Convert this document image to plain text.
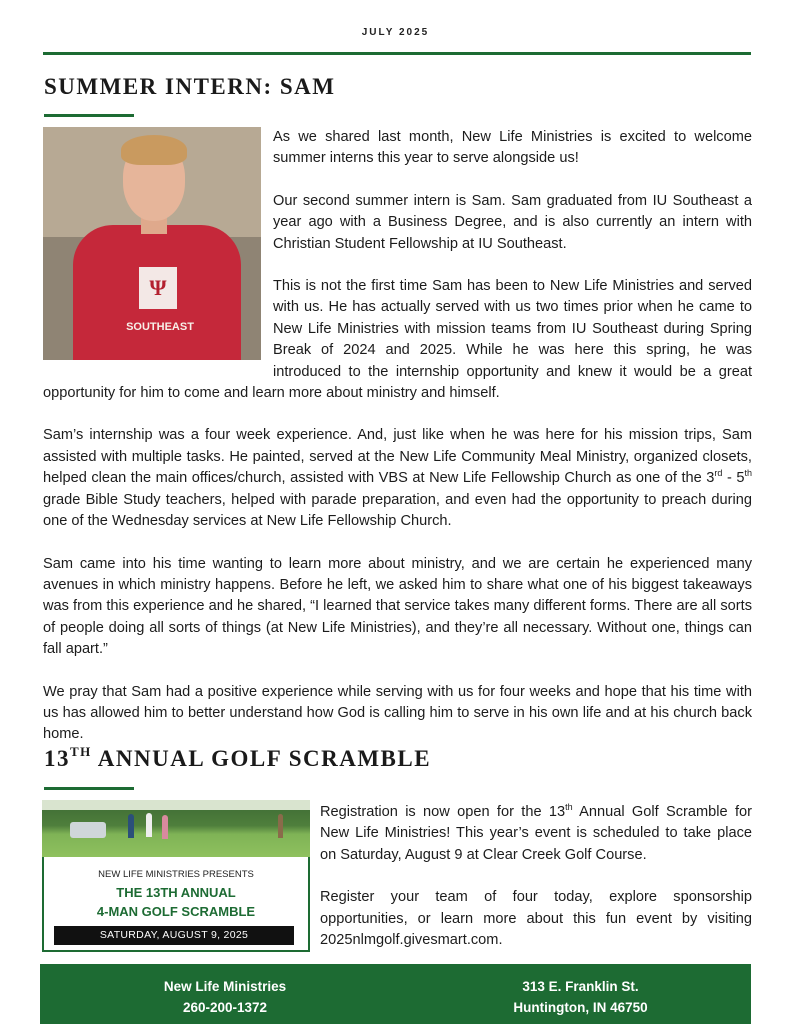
JULY 2025
SUMMER INTERN: SAM
Ψ
SOUTHEAST

As we shared last month, New Life Ministries is excited to welcome summer interns this year to serve alongside us!

Our second summer intern is Sam. Sam graduated from IU Southeast a year ago with a Business Degree, and is also currently an intern with Christian Student Fellowship at IU Southeast.

This is not the first time Sam has been to New Life Ministries and served with us. He has actually served with us two times prior when he came to New Life Ministries with mission teams from IU Southeast during Spring Break of 2024 and 2025. While he was here this spring, he was introduced to the internship opportunity and knew it would be a great opportunity for him to come and learn more about ministry and himself.

Sam’s internship was a four week experience. And, just like when he was here for his mission trips, Sam assisted with multiple tasks. He painted, served at the New Life Community Meal Ministry, organized closets, helped clean the main offices/church, assisted with VBS at New Life Fellowship Church as one of the 3rd - 5th grade Bible Study teachers, helped with parade preparation, and even had the opportunity to preach during one of the Wednesday services at New Life Fellowship Church.

Sam came into his time wanting to learn more about ministry, and we are certain he experienced many avenues in which ministry happens. Before he left, we asked him to share what one of his biggest takeaways was from this experience and he shared, “I learned that service takes many different forms. There are all sorts of people doing all sorts of things (at New Life Ministries), and they’re all necessary. Without one, things can fall apart.”

We pray that Sam had a positive experience while serving with us for four weeks and hope that his time with us has allowed him to better understand how God is calling him to serve in his own life and at his church back home.

13TH ANNUAL GOLF SCRAMBLE
NEW LIFE MINISTRIES PRESENTS
THE 13TH ANNUAL
4-MAN GOLF SCRAMBLE
SATURDAY, AUGUST 9, 2025

Registration is now open for the 13th Annual Golf Scramble for New Life Ministries! This year’s event is scheduled to take place on Saturday, August 9 at Clear Creek Golf Course.

Register your team of four today, explore sponsorship opportunities, or learn more about this fun event by visiting 2025nlmgolf.givesmart.com.

New Life Ministries
260-200-1372
313 E. Franklin St.
Huntington, IN 46750
